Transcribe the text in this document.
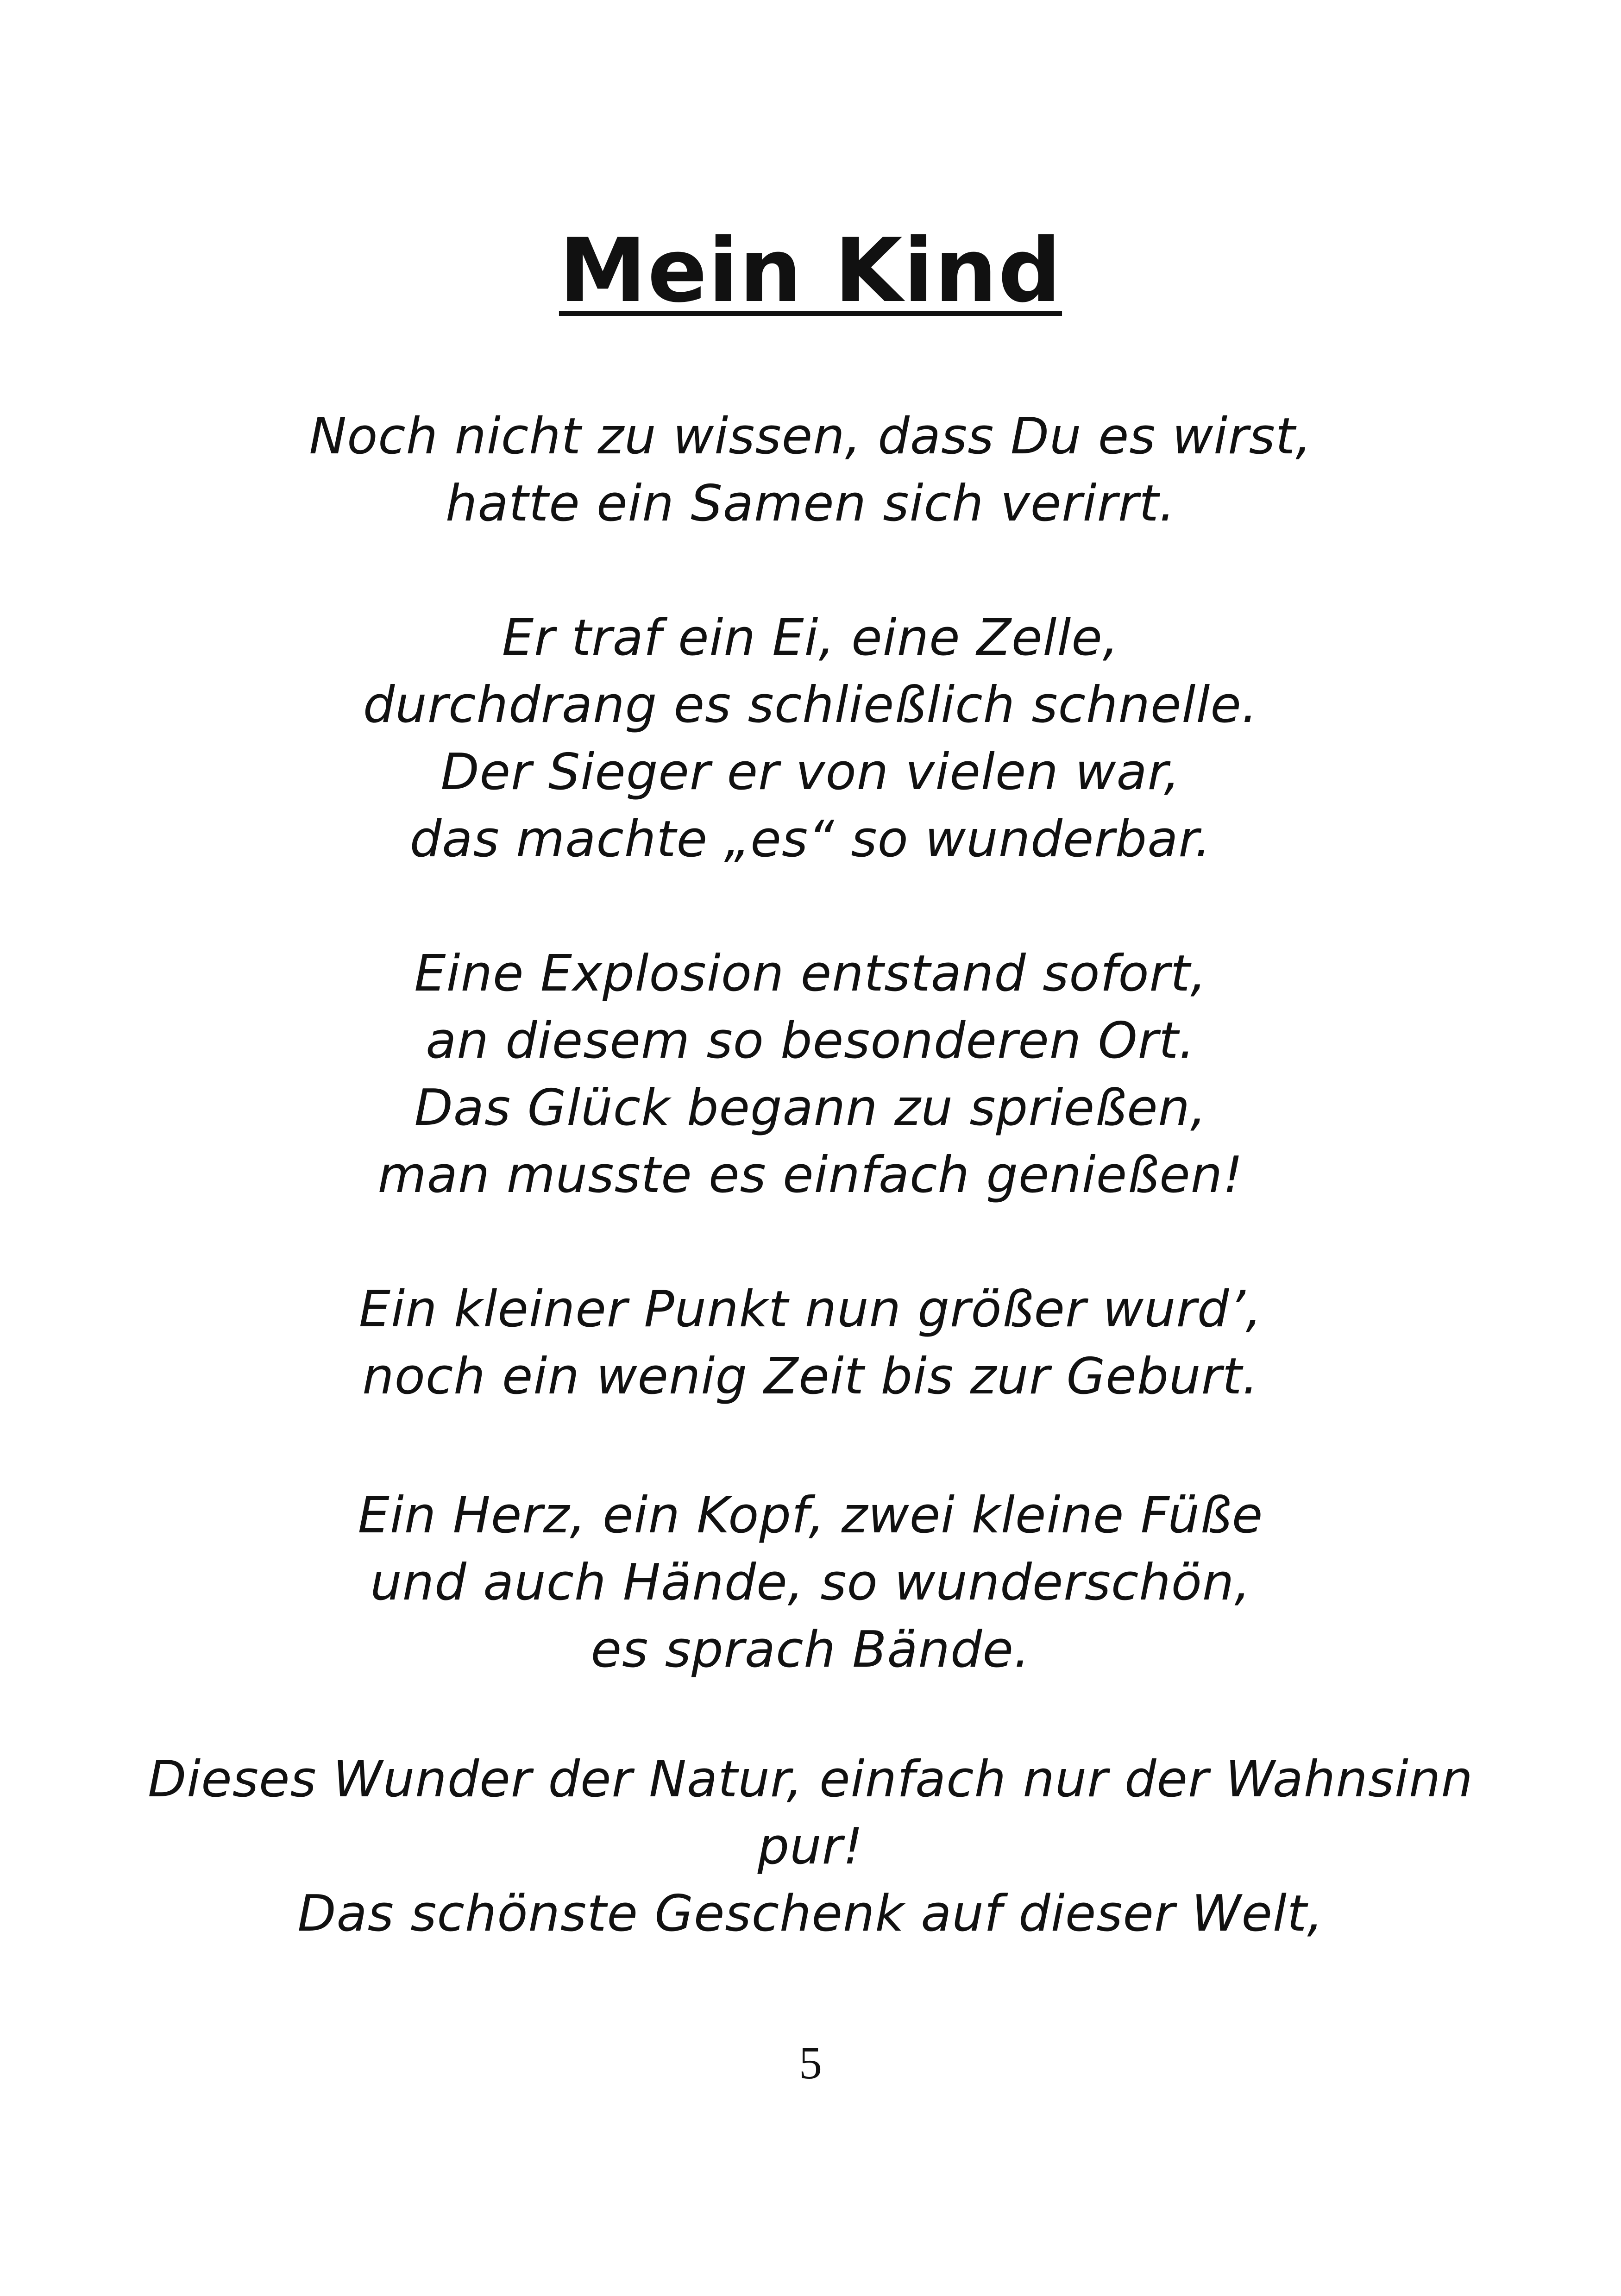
Mein Kind
Noch nicht zu wissen, dass Du es wirst,
hatte ein Samen sich verirrt.
Er traf ein Ei, eine Zelle,
durchdrang es schließlich schnelle.
Der Sieger er von vielen war,
das machte „es“ so wunderbar.
Eine Explosion entstand sofort,
an diesem so besonderen Ort.
Das Glück begann zu sprießen,
man musste es einfach genießen!
Ein kleiner Punkt nun größer wurd’,
noch ein wenig Zeit bis zur Geburt.
Ein Herz, ein Kopf, zwei kleine Füße
und auch Hände, so wunderschön,
es sprach Bände.
Dieses Wunder der Natur, einfach nur der Wahnsinn
pur!
Das schönste Geschenk auf dieser Welt,
5
